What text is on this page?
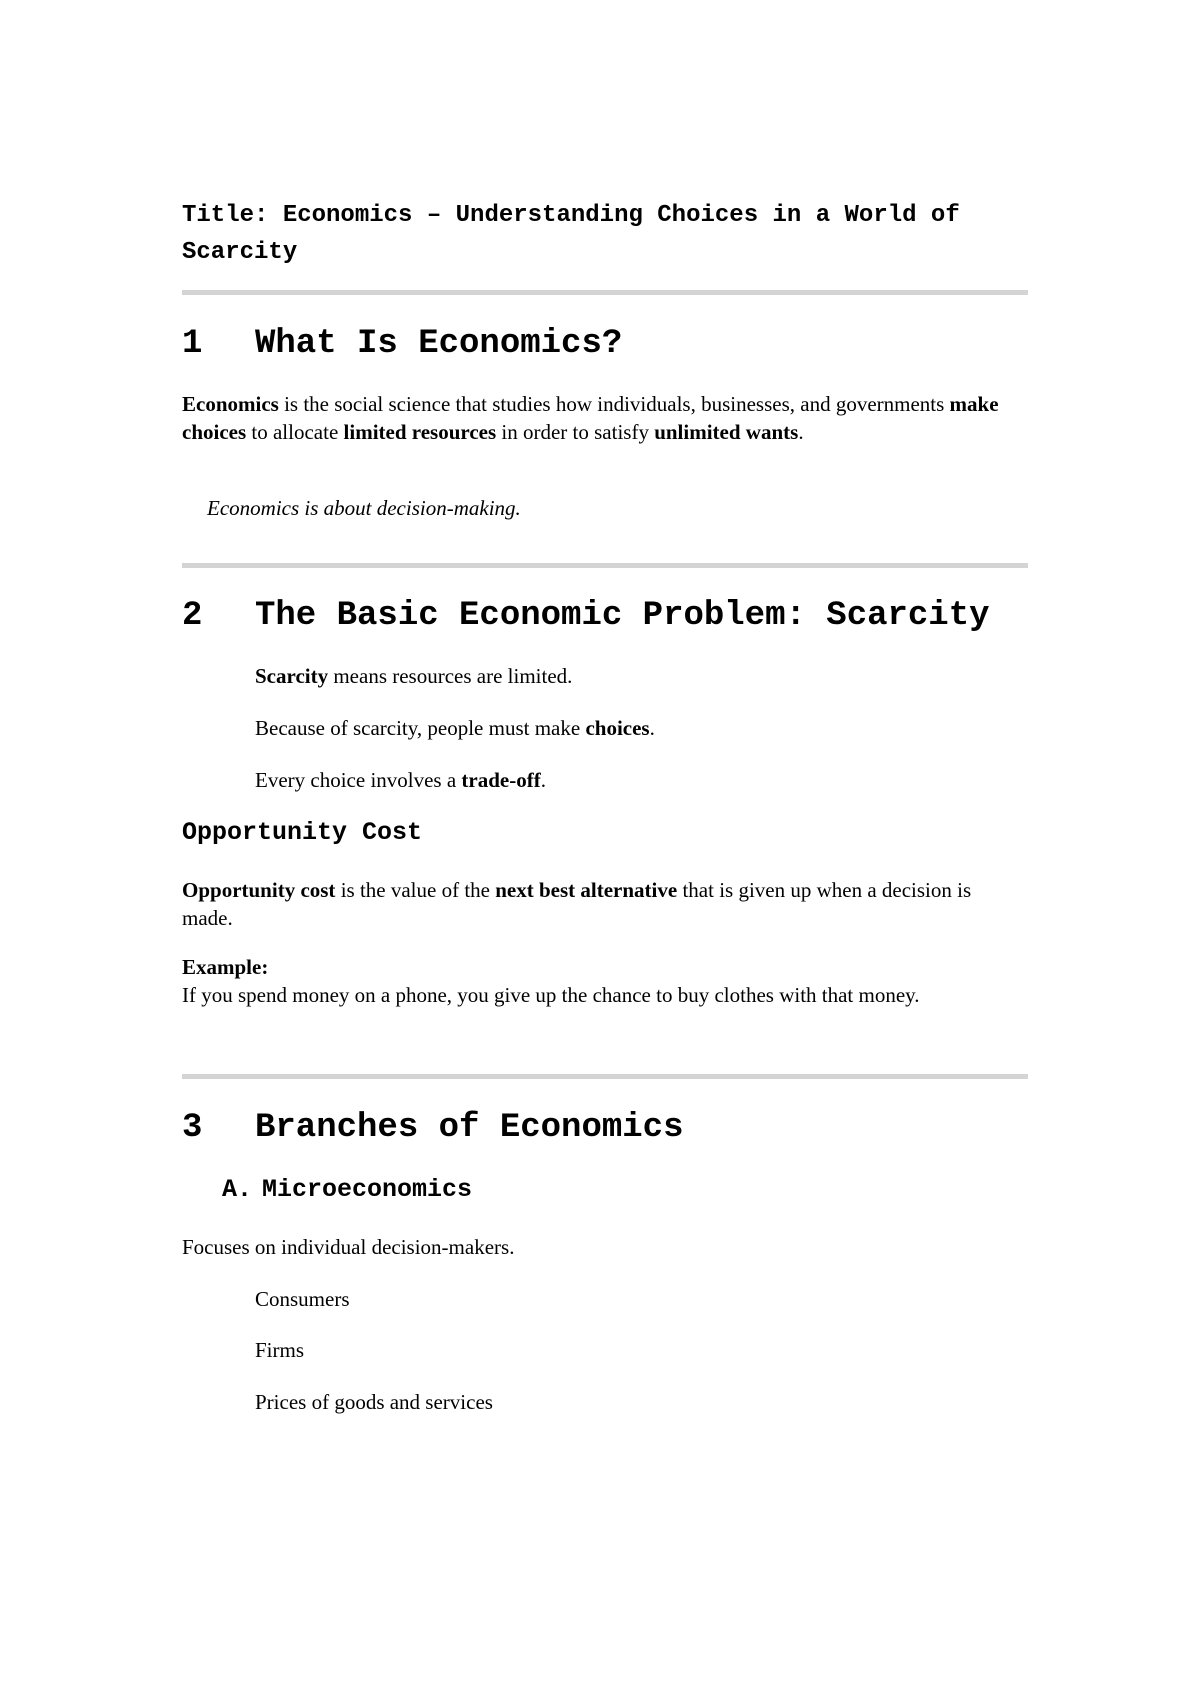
Title: Economics – Understanding Choices in a World of Scarcity
1 What Is Economics?

Economics is the social science that studies how individuals, businesses, and governments make choices to allocate limited resources in order to satisfy unlimited wants.

Economics is about decision-making.

2 The Basic Economic Problem: Scarcity

Scarcity means resources are limited.

Because of scarcity, people must make choices.

Every choice involves a trade-off.

Opportunity Cost

Opportunity cost is the value of the next best alternative that is given up when a decision is made.

Example:
If you spend money on a phone, you give up the chance to buy clothes with that money.

3 Branches of Economics
A. Microeconomics

Focuses on individual decision-makers.

Consumers

Firms

Prices of goods and services
